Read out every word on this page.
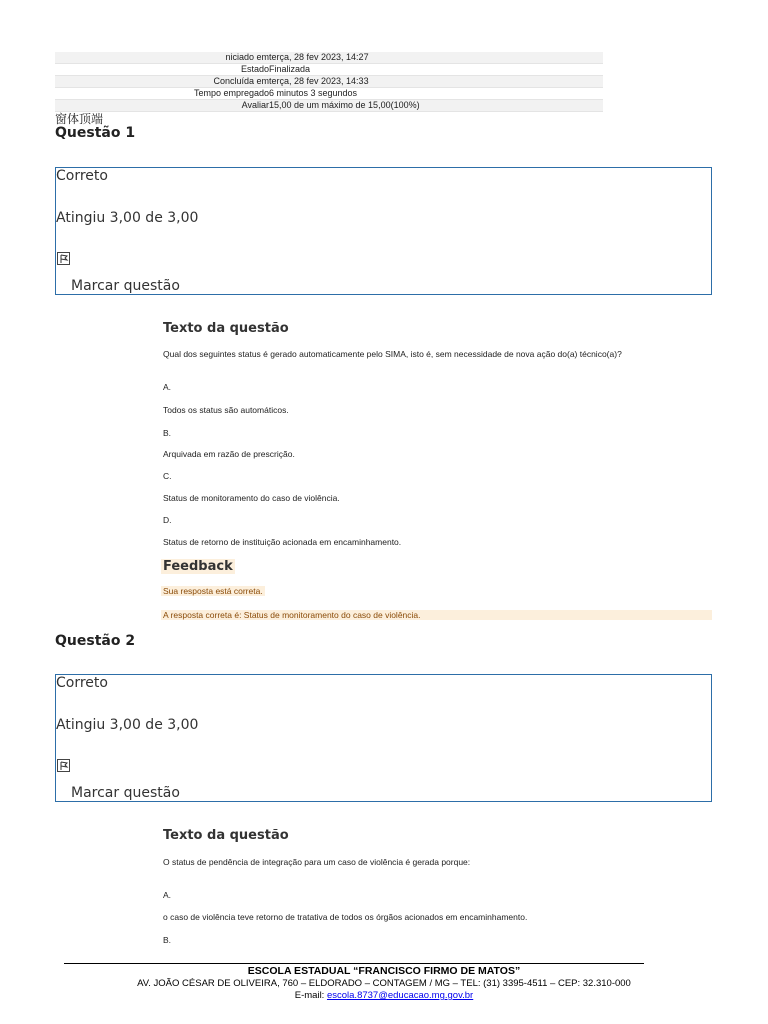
niciado em	terça, 28 fev 2023, 14:27
Estado	Finalizada
Concluída em	terça, 28 fev 2023, 14:33
Tempo empregado	6 minutos 3 segundos
Avaliar	15,00 de um máximo de 15,00(100%)
窗体顶端
Questão 1
Correto
Atingiu 3,00 de 3,00
Marcar questão
Texto da questão
Qual dos seguintes status é gerado automaticamente pelo SIMA, isto é, sem necessidade de nova ação do(a) técnico(a)?
A.
Todos os status são automáticos.
B.
Arquivada em razão de prescrição.
C.
Status de monitoramento do caso de violência.
D.
Status de retorno de instituição acionada em encaminhamento.
Feedback
Sua resposta está correta.
A resposta correta é: Status de monitoramento do caso de violência.
Questão 2
Correto
Atingiu 3,00 de 3,00
Marcar questão
Texto da questão
O status de pendência de integração para um caso de violência é gerada porque:
A.
o caso de violência teve retorno de tratativa de todos os órgãos acionados em encaminhamento.
B.
ESCOLA ESTADUAL “FRANCISCO FIRMO DE MATOS”
AV. JOÃO CÉSAR DE OLIVEIRA, 760 – ELDORADO – CONTAGEM / MG – TEL: (31) 3395-4511 – CEP: 32.310-000
E-mail: escola.8737@educacao.mg.gov.br
